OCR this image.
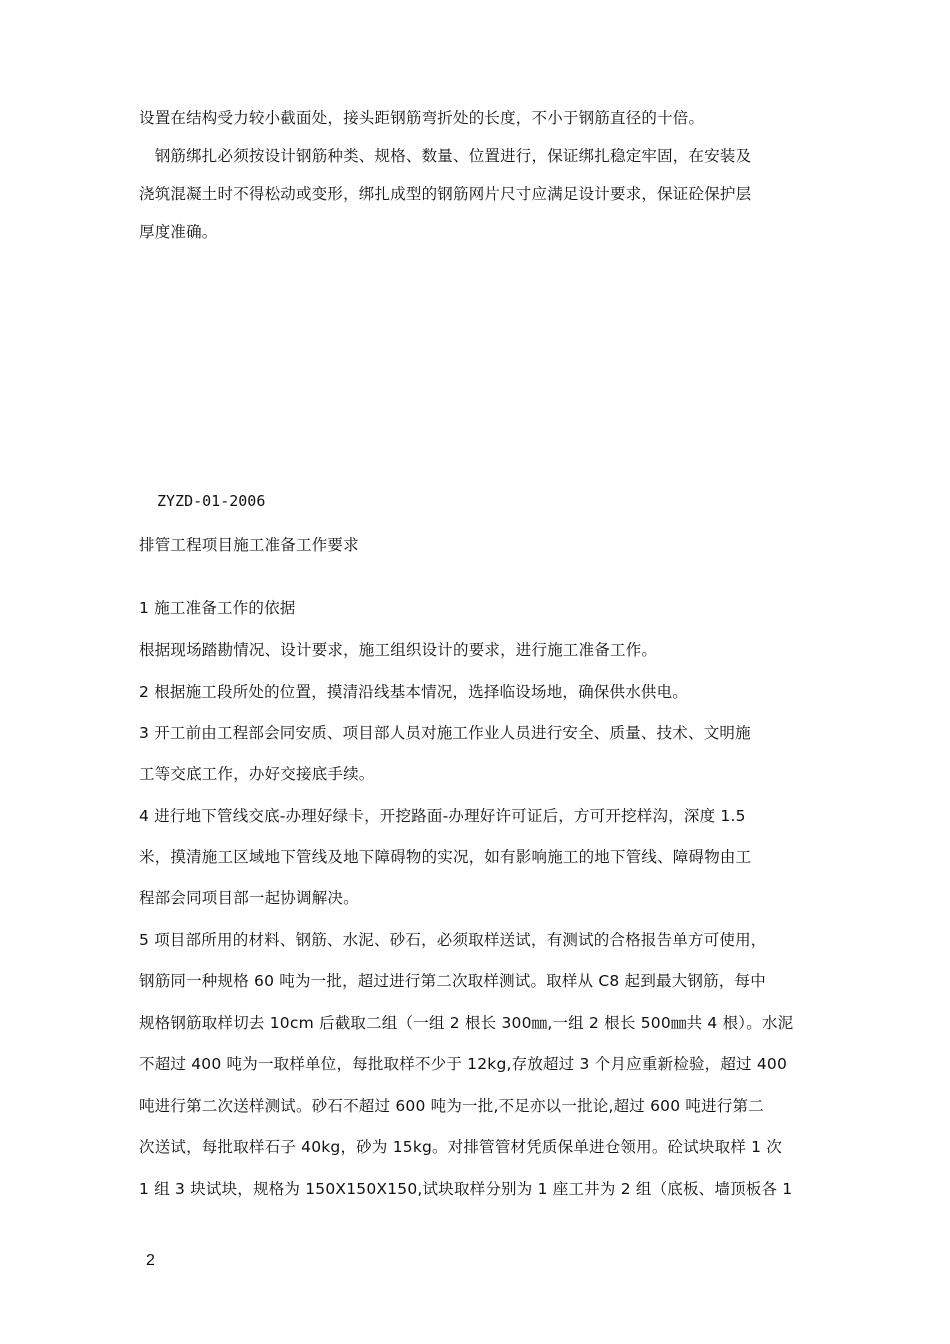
设置在结构受力较小截面处，接头距钢筋弯折处的长度，不小于钢筋直径的十倍。
　钢筋绑扎必须按设计钢筋种类、规格、数量、位置进行，保证绑扎稳定牢固，在安装及
浇筑混凝土时不得松动或变形，绑扎成型的钢筋网片尺寸应满足设计要求，保证砼保护层
厚度准确。
ZYZD-01-2006
排管工程项目施工准备工作要求
1 施工准备工作的依据
根据现场踏勘情况、设计要求，施工组织设计的要求，进行施工准备工作。
2 根据施工段所处的位置，摸清沿线基本情况，选择临设场地，确保供水供电。
3 开工前由工程部会同安质、项目部人员对施工作业人员进行安全、质量、技术、文明施
工等交底工作，办好交接底手续。
4 进行地下管线交底-办理好绿卡，开挖路面-办理好许可证后，方可开挖样沟，深度 1.5
米，摸清施工区域地下管线及地下障碍物的实况，如有影响施工的地下管线、障碍物由工
程部会同项目部一起协调解决。
5 项目部所用的材料、钢筋、水泥、砂石，必须取样送试，有测试的合格报告单方可使用，
钢筋同一种规格 60 吨为一批，超过进行第二次取样测试。取样从 C8 起到最大钢筋，每中
规格钢筋取样切去 10cm 后截取二组（一组 2 根长 300㎜,一组 2 根长 500㎜共 4 根）。水泥
不超过 400 吨为一取样单位，每批取样不少于 12kg,存放超过 3 个月应重新检验，超过 400
吨进行第二次送样测试。砂石不超过 600 吨为一批,不足亦以一批论,超过 600 吨进行第二
次送试，每批取样石子 40kg，砂为 15kg。对排管管材凭质保单进仓领用。砼试块取样 1 次
1 组 3 块试块，规格为 150X150X150,试块取样分别为 1 座工井为 2 组（底板、墙顶板各 1
2
